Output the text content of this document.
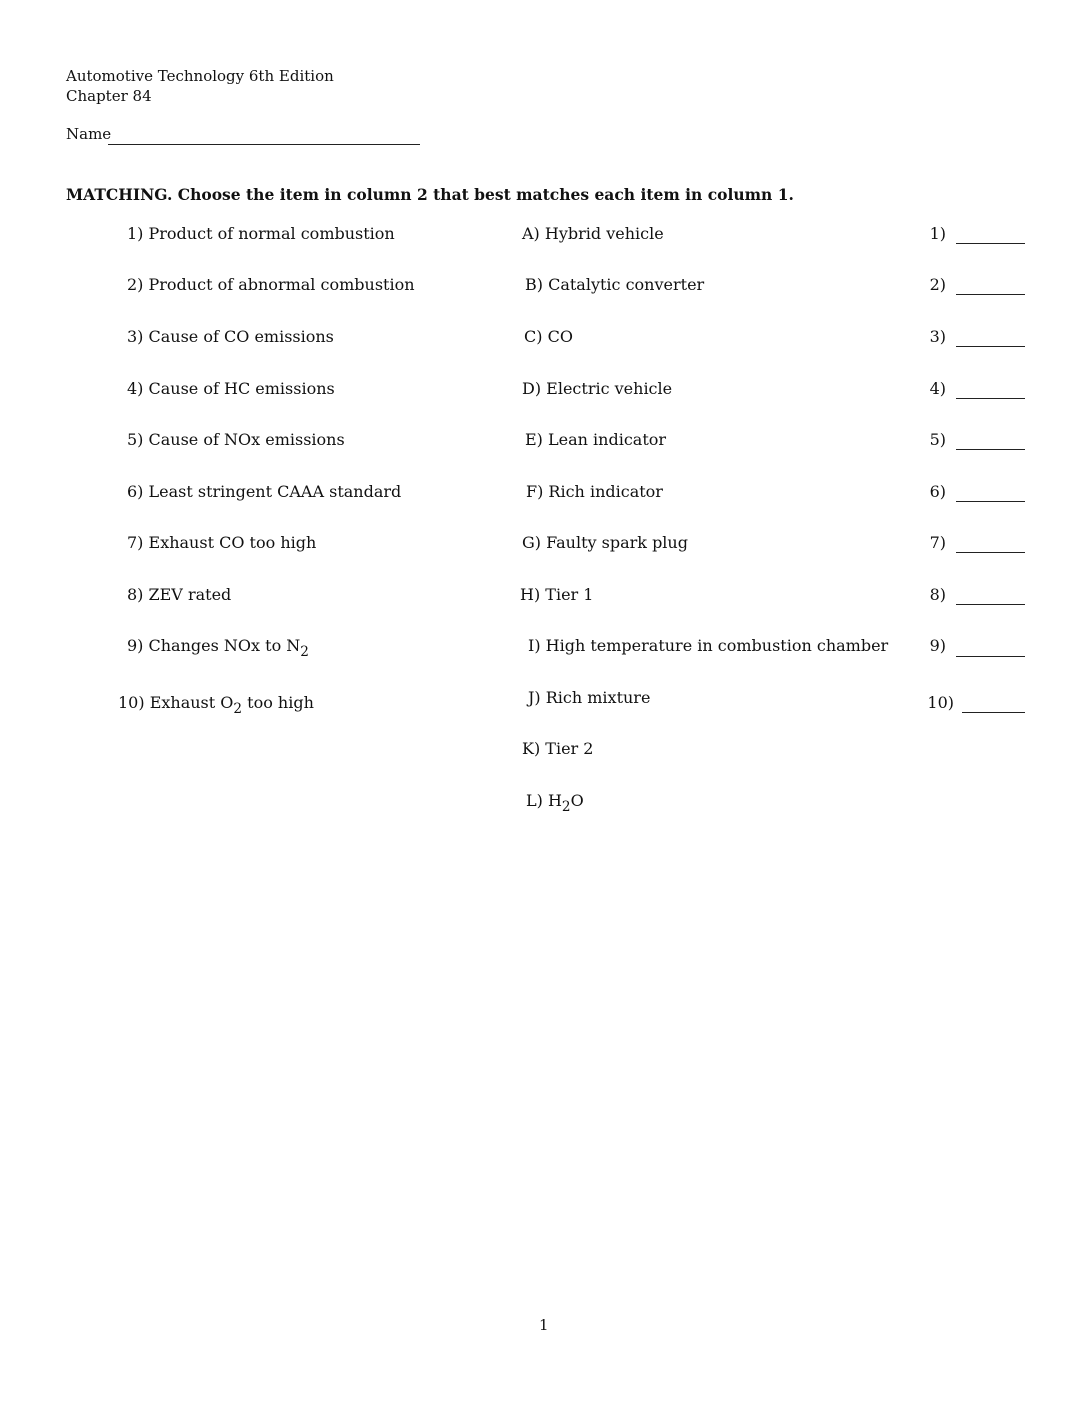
Automotive Technology 6th Edition
Chapter 84
Name
MATCHING. Choose the item in column 2 that best matches each item in column 1.
1) Product of normal combustion
2) Product of abnormal combustion
3) Cause of CO emissions
4) Cause of HC emissions
5) Cause of NOx emissions
6) Least stringent CAAA standard
7) Exhaust CO too high
8) ZEV rated
9) Changes NOx to $N_2$
10) Exhaust $O_2$ too high
A) Hybrid vehicle
B) Catalytic converter
C) CO
D) Electric vehicle
E) Lean indicator
F) Rich indicator
G) Faulty spark plug
H) Tier 1
I) High temperature in combustion chamber
J) Rich mixture
K) Tier 2
L) $H_2O$
1)
2)
3)
4)
5)
6)
7)
8)
9)
10)
1
